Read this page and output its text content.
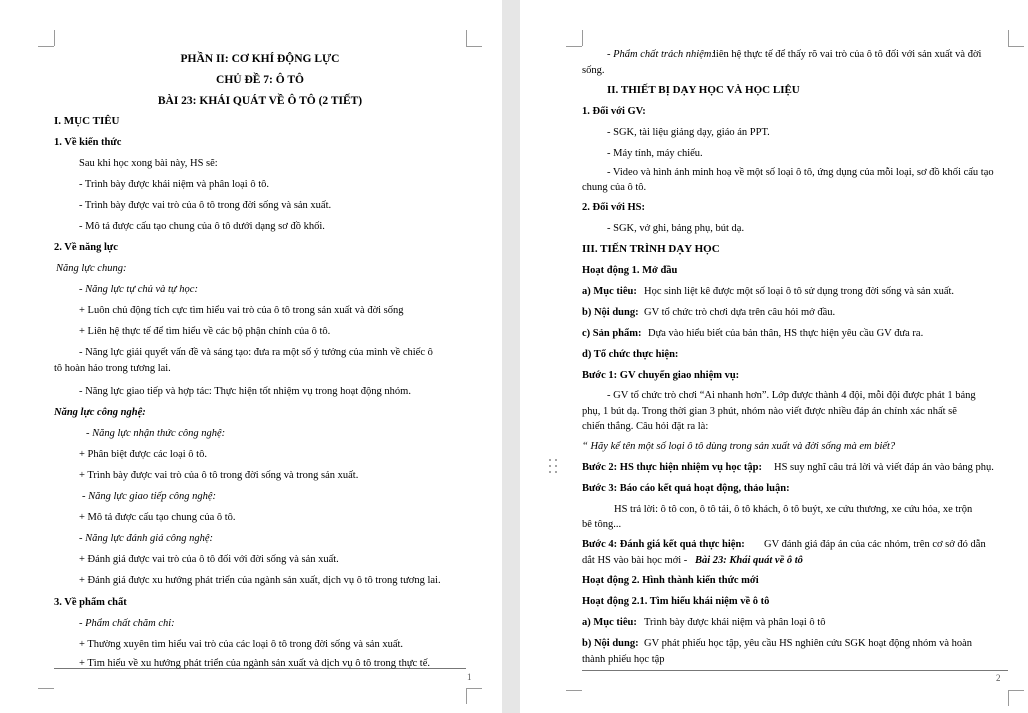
1
PHẦN II: CƠ KHÍ ĐỘNG LỰC
CHỦ ĐỀ 7: Ô TÔ
BÀI 23: KHÁI QUÁT VỀ Ô TÔ (2 TIẾT)
I. MỤC TIÊU
1. Về kiến thức
Sau khi học xong bài này, HS sẽ:
- Trình bày được khái niệm và phân loại ô tô.
- Trình bày được vai trò của ô tô trong đời sống và sản xuất.
- Mô tả được cấu tạo chung của ô tô dưới dạng sơ đồ khối.
2. Về năng lực
Năng lực chung:
- Năng lực tự chủ và tự học:
+ Luôn chủ động tích cực tìm hiểu vai trò của ô tô trong sản xuất và đời sống
+ Liên hệ thực tế để tìm hiểu về các bộ phận chính của ô tô.
- Năng lực giải quyết vấn đề và sáng tạo: đưa ra một số ý tưởng của mình về chiếc ô
tô hoàn hảo trong tương lai.
- Năng lực giao tiếp và hợp tác: Thực hiện tốt nhiệm vụ trong hoạt động nhóm.
Năng lực công nghệ:
- Năng lực nhận thức công nghệ:
+ Phân biệt được các loại ô tô.
+ Trình bày được vai trò của ô tô trong đời sống và trong sản xuất.
- Năng lực giao tiếp công nghệ:
+ Mô tả được cấu tạo chung của ô tô.
- Năng lực đánh giá công nghệ:
+ Đánh giá được vai trò của ô tô đối với đời sống và sản xuất.
+ Đánh giá được xu hướng phát triển của ngành sản xuất, dịch vụ ô tô trong tương lai.
3. Về phẩm chất
- Phẩm chất chăm chỉ:
+ Thường xuyên tìm hiểu vai trò của các loại ô tô trong đời sống và sản xuất.
+ Tìm hiểu về xu hướng phát triển của ngành sản xuất và dịch vụ ô tô trong thực tế.
2
- Phẩm chất trách nhiệm:
liên hệ thực tế để thấy rõ vai trò của ô tô đối với sản xuất và đời
sống.
II. THIẾT BỊ DẠY HỌC VÀ HỌC LIỆU
1. Đối với GV:
- SGK, tài liệu giảng dạy, giáo án PPT.
- Máy tính, máy chiếu.
- Video và hình ảnh minh hoạ về một số loại ô tô, ứng dụng của mỗi loại, sơ đồ khối cấu tạo
chung của ô tô.
2. Đối với HS:
- SGK, vở ghi, bảng phụ, bút dạ.
III. TIẾN TRÌNH DẠY HỌC
Hoạt động 1. Mở đầu
a) Mục tiêu: Học sinh liệt kê được một số loại ô tô sử dụng trong đời sống và sản xuất.
b) Nội dung: GV tổ chức trò chơi dựa trên câu hỏi mở đầu.
c) Sản phẩm: Dựa vào hiểu biết của bản thân, HS thực hiện yêu cầu GV đưa ra.
d) Tổ chức thực hiện:
Bước 1: GV chuyển giao nhiệm vụ:
- GV tổ chức trò chơi “Ai nhanh hơn”. Lớp được thành 4 đội, mỗi đội được phát 1 bảng
phụ, 1 bút dạ. Trong thời gian 3 phút, nhóm nào viết được nhiều đáp án chính xác nhất sẽ
chiến thắng. Câu hỏi đặt ra là:
“ Hãy kể tên một số loại ô tô dùng trong sản xuất và đời sống mà em biết?
Bước 2: HS thực hiện nhiệm vụ học tập: HS suy nghĩ câu trả lời và viết đáp án vào bảng phụ.
Bước 3: Báo cáo kết quả hoạt động, thảo luận:
HS trả lời: ô tô con, ô tô tải, ô tô khách, ô tô buýt, xe cứu thương, xe cứu hỏa, xe trộn
bê tông...
Bước 4: Đánh giá kết quả thực hiện: GV đánh giá đáp án của các nhóm, trên cơ sở đó dẫn
dắt HS vào bài học mới - Bài 23: Khái quát về ô tô
Hoạt động 2. Hình thành kiến thức mới
Hoạt động 2.1. Tìm hiểu khái niệm về ô tô
a) Mục tiêu: Trình bày được khái niệm và phân loại ô tô
b) Nội dung: GV phát phiếu học tập, yêu cầu HS nghiên cứu SGK hoạt động nhóm và hoàn
thành phiếu học tập
